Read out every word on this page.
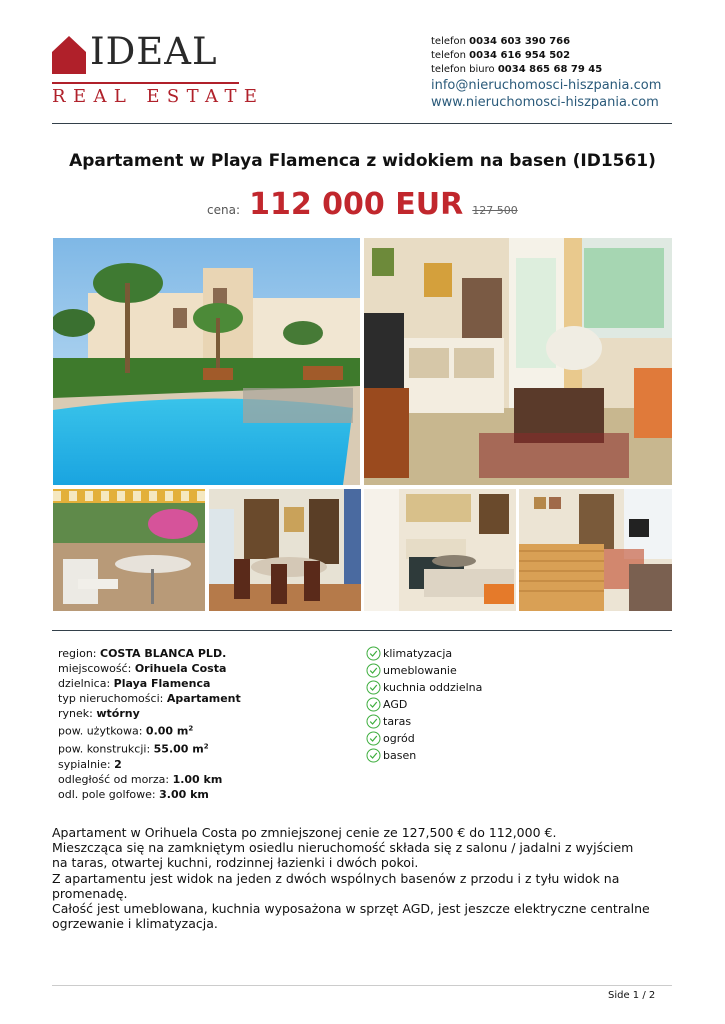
IDEAL
REAL ESTATE
telefon 0034 603 390 766
telefon 0034 616 954 502
telefon biuro 0034 865 68 79 45
info@nieruchomosci-hiszpania.com
www.nieruchomosci-hiszpania.com
Apartament w Playa Flamenca z widokiem na basen (ID1561)
cena: 112 000 EUR 127 500
region: COSTA BLANCA PLD.
miejscowość: Orihuela Costa
dzielnica: Playa Flamenca
typ nieruchomości: Apartament
rynek: wtórny
pow. użytkowa: 0.00 $m^2$
pow. konstrukcji: 55.00 $m^2$
sypialnie: 2
odległość od morza: 1.00 km
odl. pole golfowe: 3.00 km
klimatyzacja
umeblowanie
kuchnia oddzielna
AGD
taras
ogród
basen

Apartament w Orihuela Costa po zmniejszonej cenie ze 127,500 € do 112,000 €.

Mieszcząca się na zamkniętym osiedlu nieruchomość składa się z salonu / jadalni z wyjściem na taras, otwartej kuchni, rodzinnej łazienki i dwóch pokoi.

Z apartamentu jest widok na jeden z dwóch wspólnych basenów z przodu i z tyłu widok na promenadę.

Całość jest umeblowana, kuchnia wyposażona w sprzęt AGD, jest jeszcze elektryczne centralne ogrzewanie i klimatyzacja.

Side 1 / 2
